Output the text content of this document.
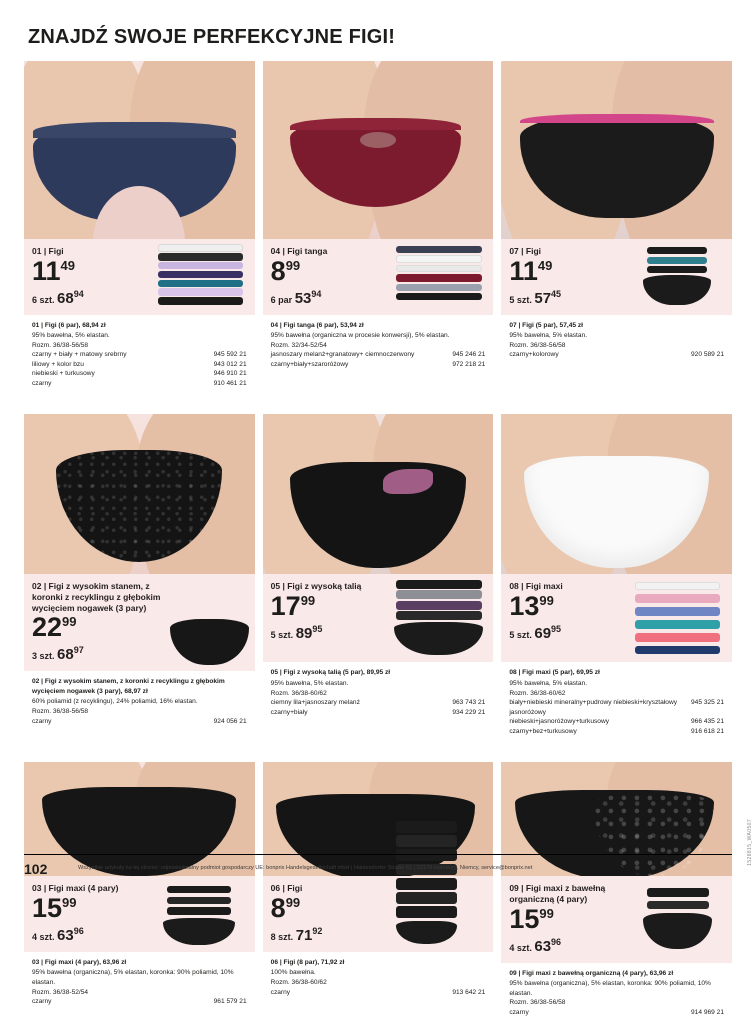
ZNAJDŹ SWOJE PERFEKCYJNE FIGI!
01 | Figi
$11^{49}$
6 szt. $68^{94}$
01 | Figi (6 par), 68,94 zł
95% bawełna, 5% elastan.
Rozm. 36/38-56/58
czarny + biały + matowy srebrny	945 592 21
liliowy + kolor bzu	943 012 21
niebieski + turkusowy	946 910 21
czarny	910 461 21
04 | Figi tanga
$8^{99}$
6 par $53^{94}$
04 | Figi tanga (6 par), 53,94 zł
95% bawełna (organiczna w procesie konwersji), 5% elastan.
Rozm. 32/34-52/54
jasnoszary melanż+granatowy+ ciemnoczerwony	945 246 21
czarny+biały+szaroróżowy	972 218 21
07 | Figi
$11^{49}$
5 szt. $57^{45}$
07 | Figi (5 par), 57,45 zł
95% bawełna, 5% elastan.
Rozm. 36/38-56/58
czarny+kolorowy	920 589 21
02 | Figi z wysokim stanem, z koronki z recyklingu z głębokim wycięciem nogawek (3 pary)
$22^{99}$
3 szt. $68^{97}$
02 | Figi z wysokim stanem, z koronki z recyklingu z głębokim wycięciem nogawek (3 pary), 68,97 zł
60% poliamid (z recyklingu), 24% poliamid, 16% elastan.
Rozm. 36/38-56/58
czarny	924 056 21
05 | Figi z wysoką talią
$17^{99}$
5 szt. $89^{95}$
05 | Figi z wysoką talią (5 par), 89,95 zł
95% bawełna, 5% elastan.
Rozm. 36/38-60/62
ciemny lila+jasnoszary melanż	963 743 21
czarny+biały	934 229 21
08 | Figi maxi
$13^{99}$
5 szt. $69^{95}$
08 | Figi maxi (5 par), 69,95 zł
95% bawełna, 5% elastan.
Rozm. 36/38-60/62
biały+niebieski mineralny+pudrowy niebieski+kryształowy jasnoróżowy
945 325 21
niebieski+jasnoróżowy+turkusowy	966 435 21
czarny+bez+turkusowy	916 618 21
03 | Figi maxi (4 pary)
$15^{99}$
4 szt. $63^{96}$
03 | Figi maxi (4 pary), 63,96 zł
95% bawełna (organiczna), 5% elastan, koronka: 90% poliamid, 10% elastan.
Rozm. 36/38-52/54
czarny	961 579 21
06 | Figi
$8^{99}$
8 szt. $71^{92}$
06 | Figi (8 par), 71,92 zł
100% bawełna.
Rozm. 36/38-60/62
czarny	913 642 21
09 | Figi maxi z bawełną organiczną (4 pary)
$15^{99}$
4 szt. $63^{96}$
09 | Figi maxi z bawełną organiczną (4 pary), 63,96 zł
95% bawełna (organiczna), 5% elastan, koronka: 90% poliamid, 10% elastan.
Rozm. 36/38-56/58
czarny	914 969 21
1528815_WA0507
102	Wszystkie artykuły na tej stronie: odpowiedzialny podmiot gospodarczy UE: bonprix Handelsgesellschaft mbH | Haldesdorfer Straße 61 | 22179 Hamburg, Niemcy, service@bonprix.net
